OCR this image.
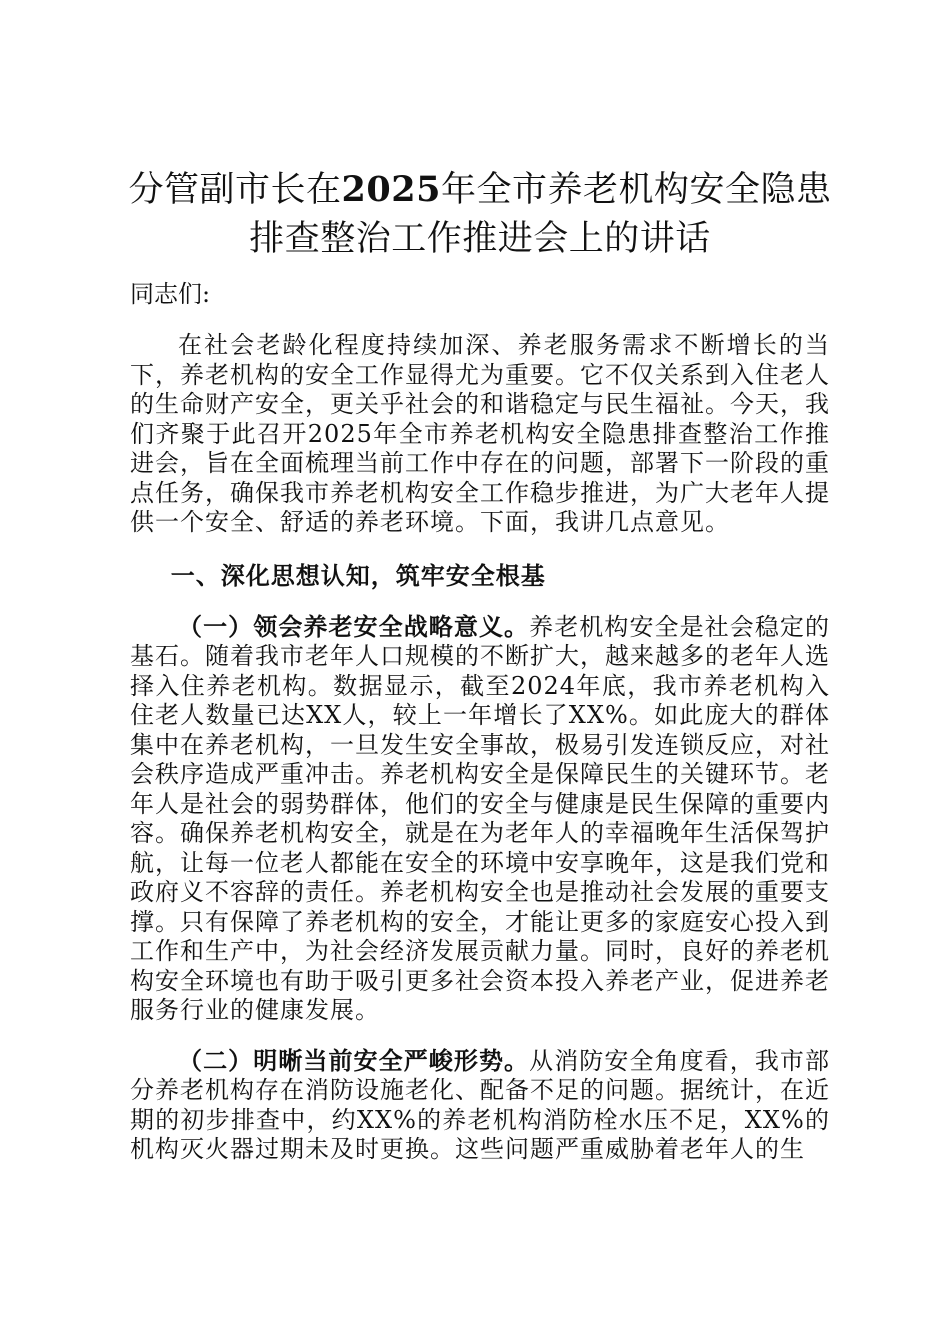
分管副市长在2025年全市养老机构安全隐患
排查整治工作推进会上的讲话
同志们:

在社会老龄化程度持续加深、养老服务需求不断增长的当下，养老机构的安全工作显得尤为重要。它不仅关系到入住老人的生命财产安全，更关乎社会的和谐稳定与民生福祉。今天，我们齐聚于此召开2025年全市养老机构安全隐患排查整治工作推进会，旨在全面梳理当前工作中存在的问题，部署下一阶段的重点任务，确保我市养老机构安全工作稳步推进，为广大老年人提供一个安全、舒适的养老环境。下面，我讲几点意见。

一、深化思想认知，筑牢安全根基

（一）领会养老安全战略意义。养老机构安全是社会稳定的基石。随着我市老年人口规模的不断扩大，越来越多的老年人选择入住养老机构。数据显示，截至2024年底，我市养老机构入住老人数量已达XX人，较上一年增长了XX%。如此庞大的群体集中在养老机构，一旦发生安全事故，极易引发连锁反应，对社会秩序造成严重冲击。养老机构安全是保障民生的关键环节。老年人是社会的弱势群体，他们的安全与健康是民生保障的重要内容。确保养老机构安全，就是在为老年人的幸福晚年生活保驾护航，让每一位老人都能在安全的环境中安享晚年，这是我们党和政府义不容辞的责任。养老机构安全也是推动社会发展的重要支撑。只有保障了养老机构的安全，才能让更多的家庭安心投入到工作和生产中，为社会经济发展贡献力量。同时，良好的养老机构安全环境也有助于吸引更多社会资本投入养老产业，促进养老服务行业的健康发展。

（二）明晰当前安全严峻形势。从消防安全角度看，我市部分养老机构存在消防设施老化、配备不足的问题。据统计，在近期的初步排查中，约XX%的养老机构消防栓水压不足，XX%的机构灭火器过期未及时更换。这些问题严重威胁着老年人的生
